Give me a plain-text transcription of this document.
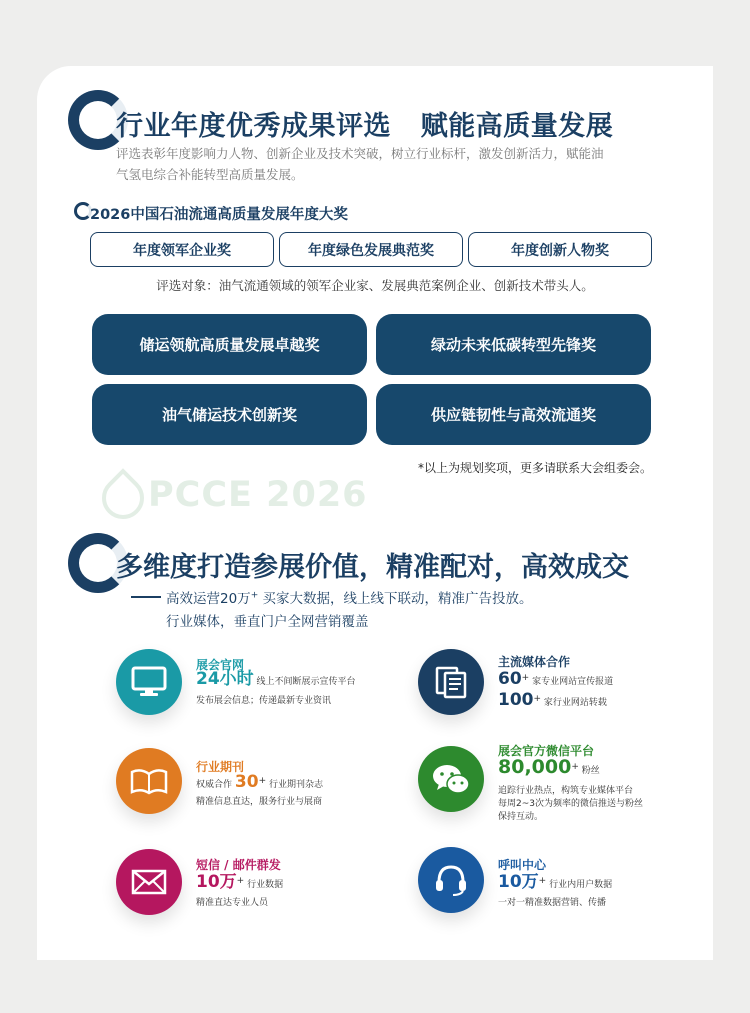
行业年度优秀成果评选   赋能高质量发展
评选表彰年度影响力人物、创新企业及技术突破，树立行业标杆，激发创新活力，赋能油
气氢电综合补能转型高质量发展。
2026中国石油流通高质量发展年度大奖
年度领军企业奖	年度绿色发展典范奖	年度创新人物奖
评选对象：油气流通领域的领军企业家、发展典范案例企业、创新技术带头人。
储运领航高质量发展卓越奖	绿动未来低碳转型先锋奖
油气储运技术创新奖	供应链韧性与高效流通奖
*以上为规划奖项，更多请联系大会组委会。
PCCE 2026
多维度打造参展价值，精准配对，高效成交
高效运营20万+ 买家大数据，线上线下联动，精准广告投放。
行业媒体，垂直门户全网营销覆盖
展会官网
24小时 线上不间断展示宣传平台
发布展会信息；传递最新专业资讯
主流媒体合作
60+ 家专业网站宣传报道
100+ 家行业网站转载
行业期刊
权威合作 30+ 行业期刊杂志
精准信息直达，服务行业与展商
展会官方微信平台
80,000+ 粉丝
追踪行业热点，构筑专业媒体平台
每周2~3次为频率的微信推送与粉丝
保持互动。
短信 / 邮件群发
10万+ 行业数据
精准直达专业人员
呼叫中心
10万+ 行业内用户数据
一对一精准数据营销、传播
